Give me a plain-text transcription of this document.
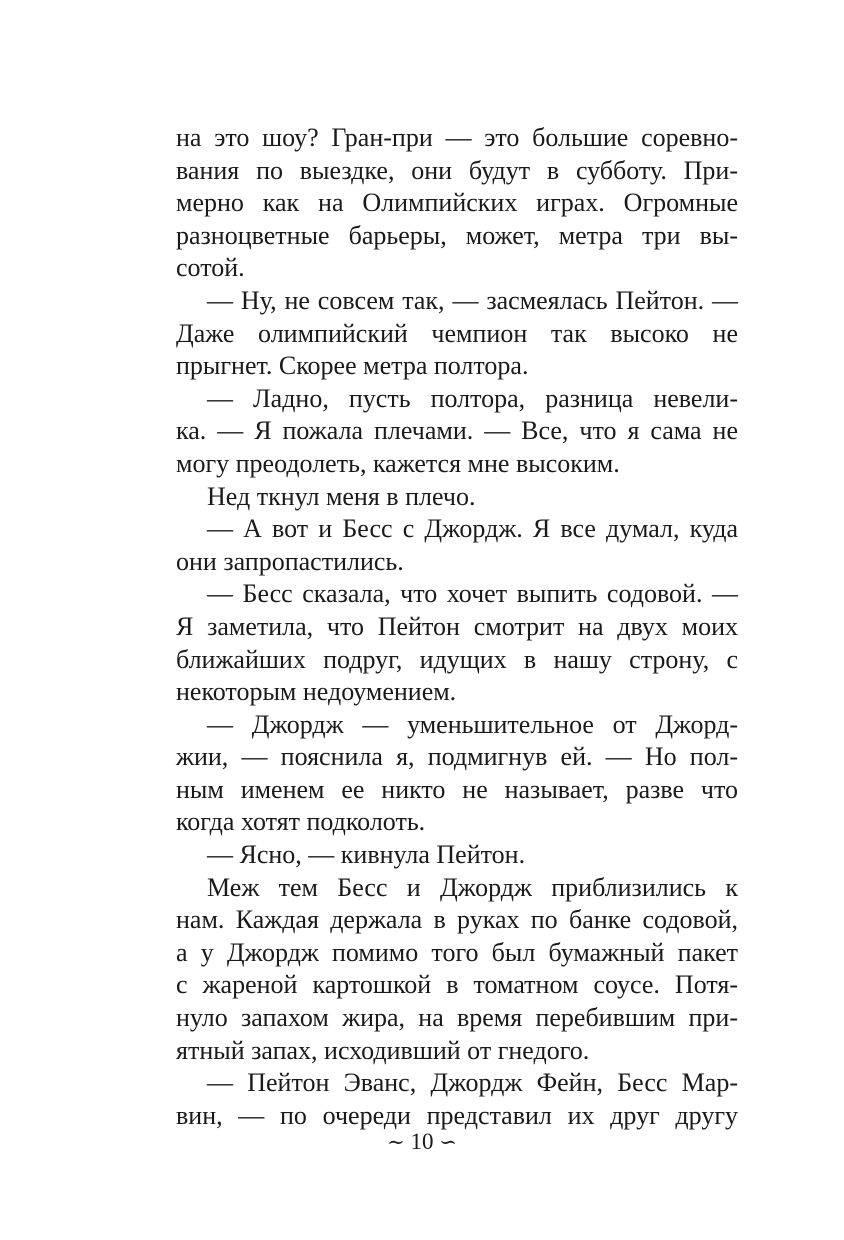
на это шоу? Гран-при — это большие соревно-
вания по выездке, они будут в субботу. При-
мерно как на Олимпийских играх. Огромные
разноцветные барьеры, может, метра три вы-
сотой.
— Ну, не совсем так, — засмеялась Пейтон. —
Даже олимпийский чемпион так высоко не
прыгнет. Скорее метра полтора.
— Ладно, пусть полтора, разница невели-
ка. — Я пожала плечами. — Все, что я сама не
могу преодолеть, кажется мне высоким.
Нед ткнул меня в плечо.
— А вот и Бесс с Джордж. Я все думал, куда
они запропастились.
— Бесс сказала, что хочет выпить содовой. —
Я заметила, что Пейтон смотрит на двух моих
ближайших подруг, идущих в нашу строну, с
некоторым недоумением.
— Джордж — уменьшительное от Джорд-
жии, — пояснила я, подмигнув ей. — Но пол-
ным именем ее никто не называет, разве что
когда хотят подколоть.
— Ясно, — кивнула Пейтон.
Меж тем Бесс и Джордж приблизились к
нам. Каждая держала в руках по банке содовой,
а у Джордж помимо того был бумажный пакет
с жареной картошкой в томатном соусе. Потя-
нуло запахом жира, на время перебившим при-
ятный запах, исходивший от гнедого.
— Пейтон Эванс, Джордж Фейн, Бесс Мар-
вин, — по очереди представил их друг другу
∼ 10 ∽
